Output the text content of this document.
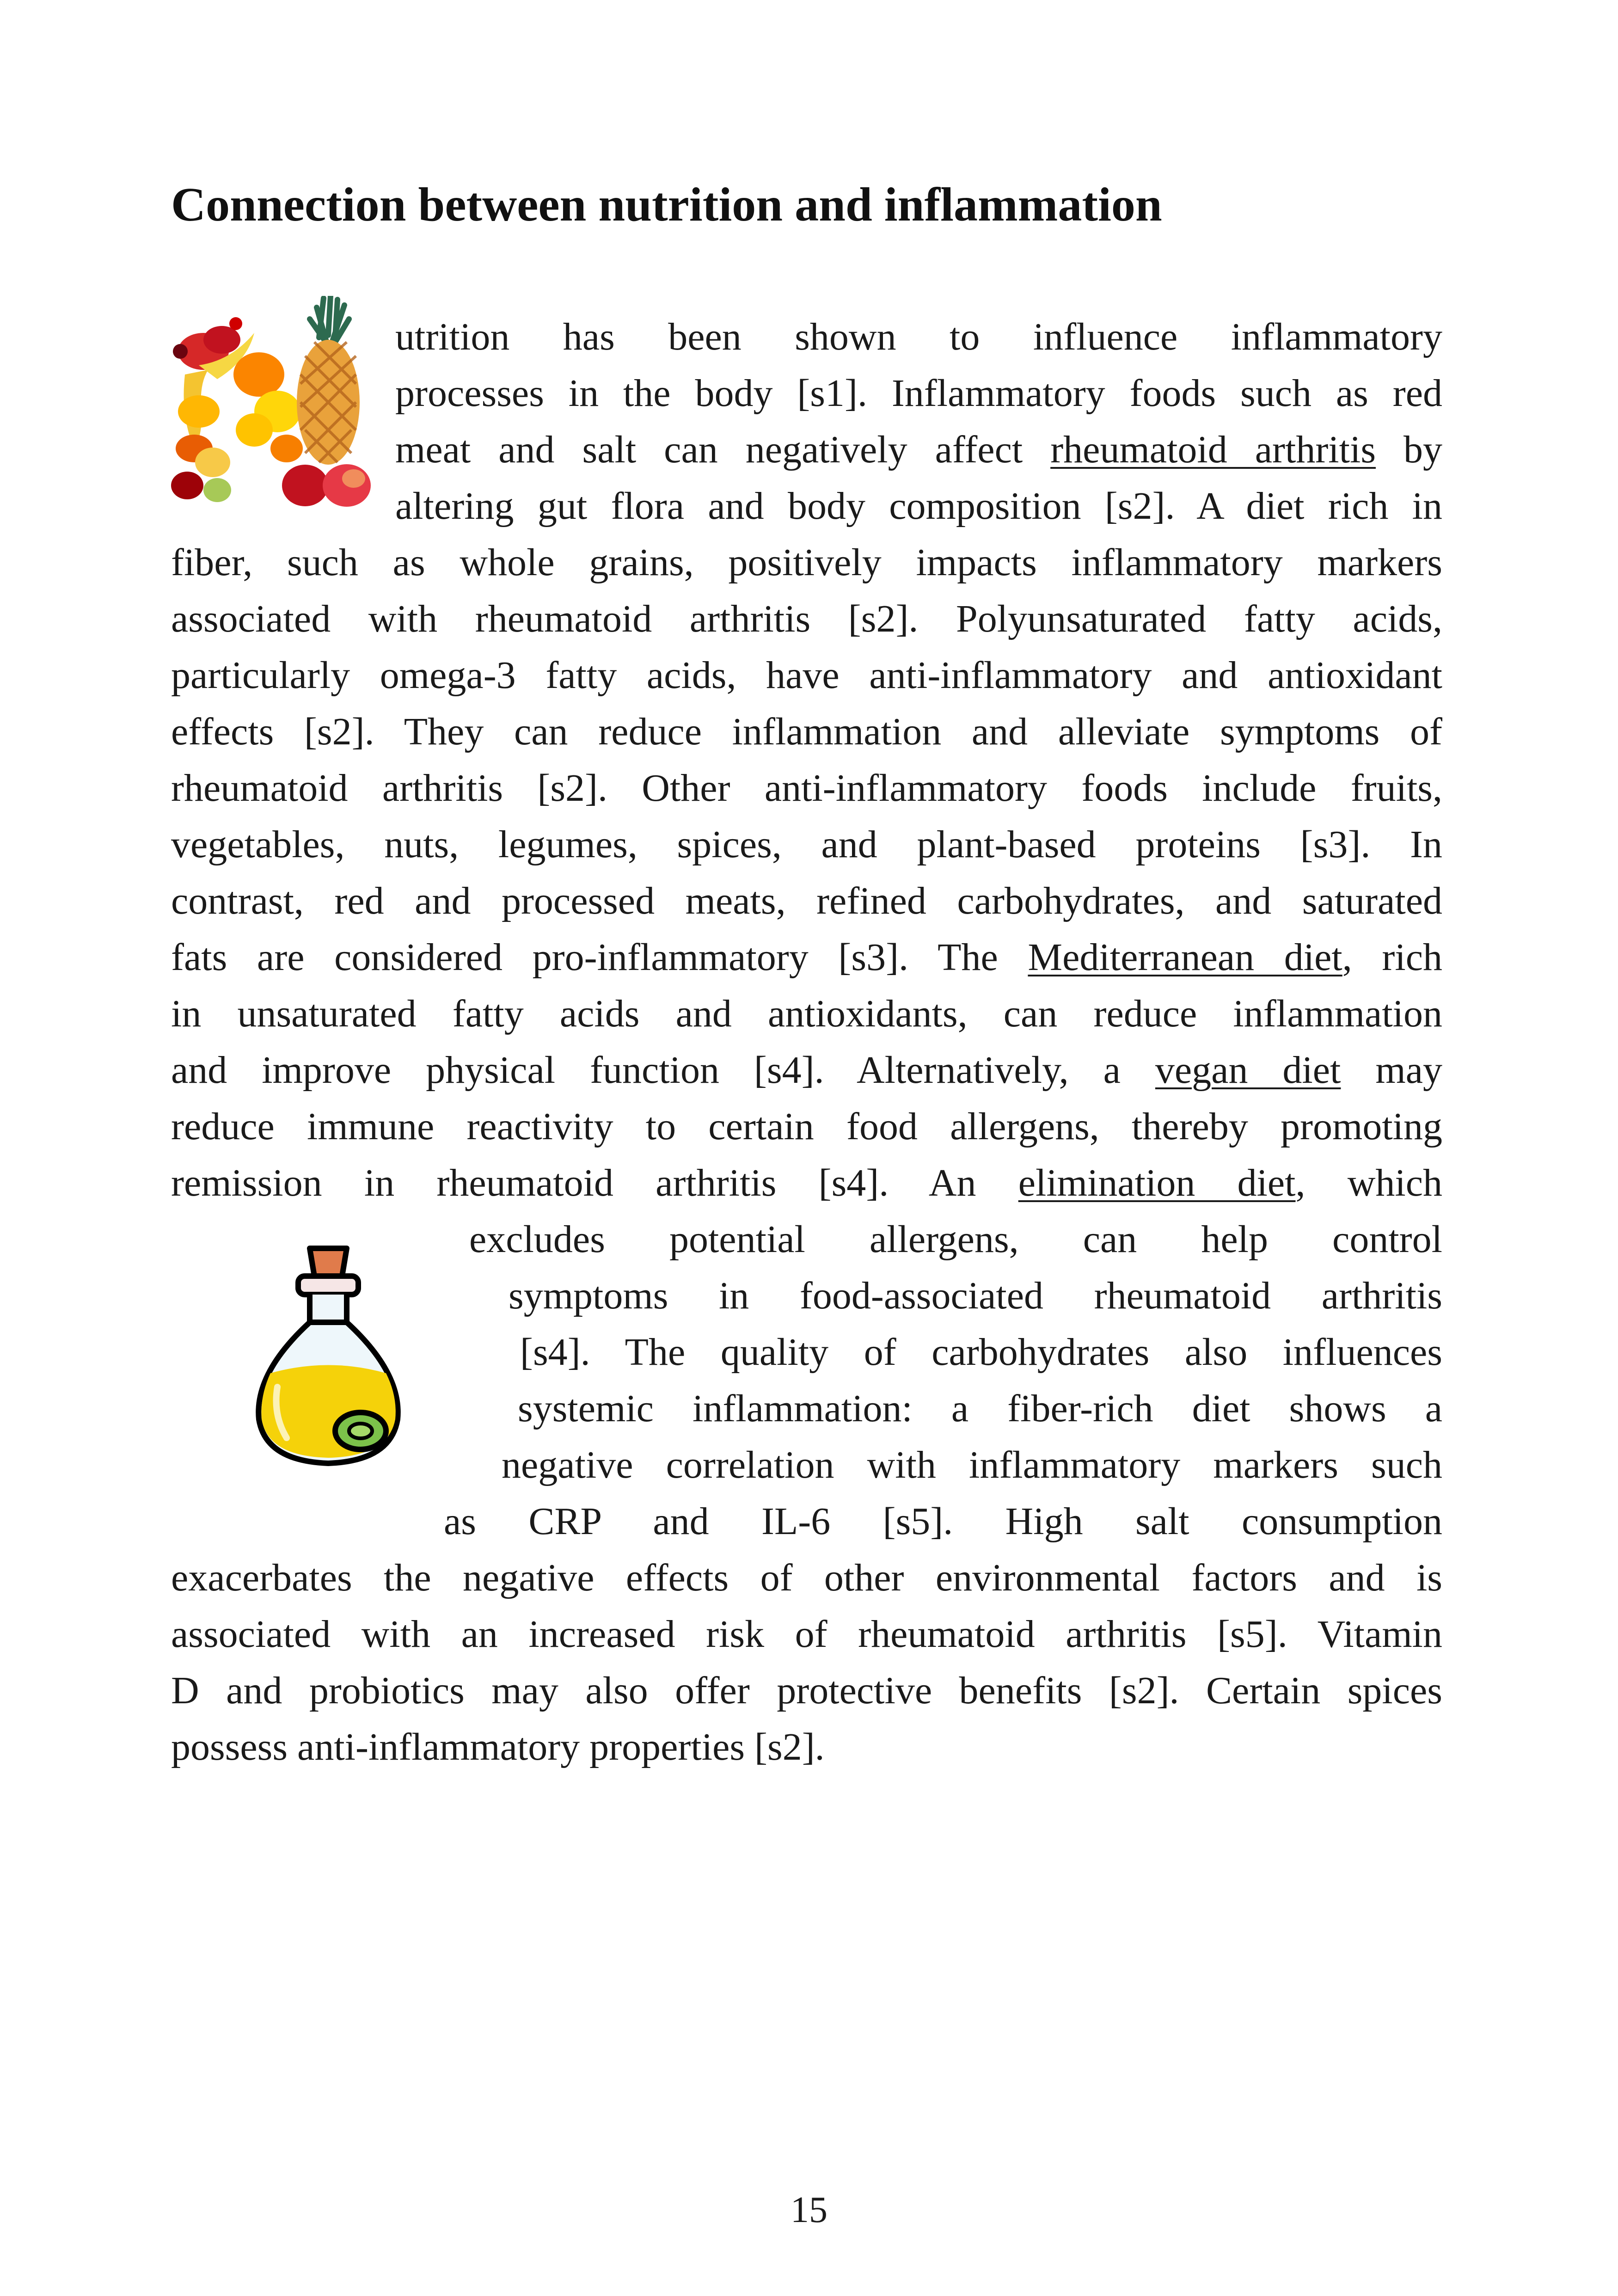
Connection between nutrition and inflammation
utrition has been shown to influence inflammatory
processes in the body [s1]. Inflammatory foods such as red
meat and salt can negatively affect rheumatoid arthritis by
altering gut flora and body composition [s2]. A diet rich in
fiber, such as whole grains, positively impacts inflammatory markers
associated with rheumatoid arthritis [s2]. Polyunsaturated fatty acids,
particularly omega-3 fatty acids, have anti-inflammatory and antioxidant
effects [s2]. They can reduce inflammation and alleviate symptoms of
rheumatoid arthritis [s2]. Other anti-inflammatory foods include fruits,
vegetables, nuts, legumes, spices, and plant-based proteins [s3]. In
contrast, red and processed meats, refined carbohydrates, and saturated
fats are considered pro-inflammatory [s3]. The Mediterranean diet, rich
in unsaturated fatty acids and antioxidants, can reduce inflammation
and improve physical function [s4]. Alternatively, a vegan diet may
reduce immune reactivity to certain food allergens, thereby promoting
remission in rheumatoid arthritis [s4]. An elimination diet, which
excludes potential allergens, can help control
symptoms in food-associated rheumatoid arthritis
[s4]. The quality of carbohydrates also influences
systemic inflammation: a fiber-rich diet shows a
negative correlation with inflammatory markers such
as CRP and IL-6 [s5]. High salt consumption
exacerbates the negative effects of other environmental factors and is
associated with an increased risk of rheumatoid arthritis [s5]. Vitamin
D and probiotics may also offer protective benefits [s2]. Certain spices
possess anti-inflammatory properties [s2].
15
